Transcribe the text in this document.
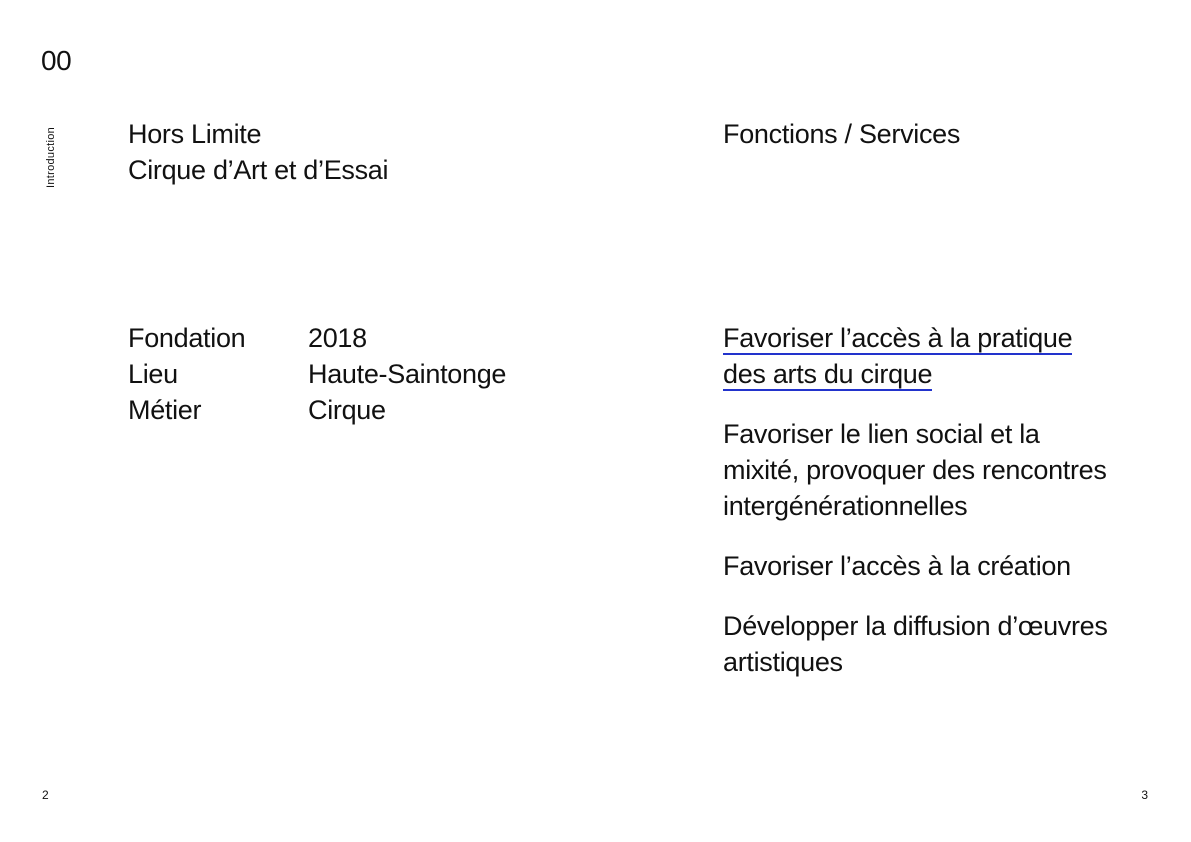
00
Introduction	Hors Limite
Cirque d’Art et d’Essai
Fonctions / Services
Fondation	2018
Lieu	Haute-Saintonge
Métier	Cirque
Favoriser l’accès à la pratique
des arts du cirque
Favoriser le lien social et la
mixité, provoquer des rencontres
intergénérationnelles
Favoriser l’accès à la création
Développer la diffusion d’œuvres
artistiques
2	3
